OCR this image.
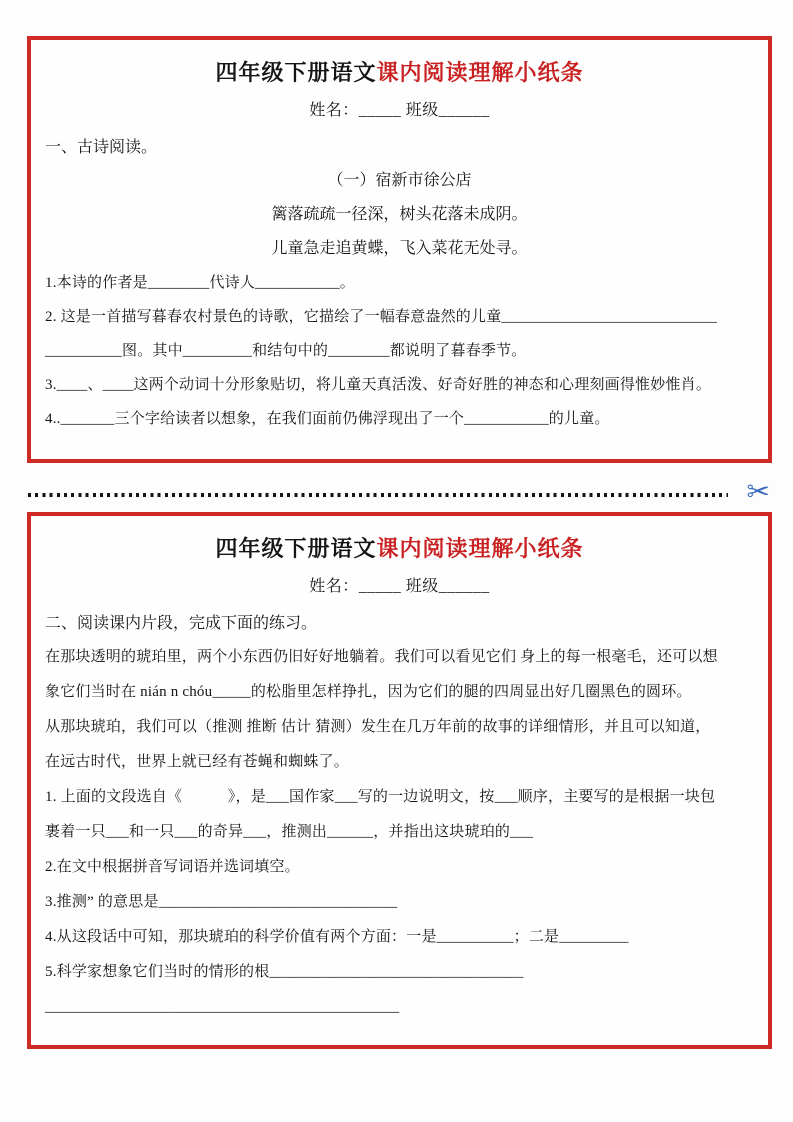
四年级下册语文课内阅读理解小纸条
姓名：_____ 班级______
一、古诗阅读。
（一）宿新市徐公店
篱落疏疏一径深，树头花落未成阴。
儿童急走追黄蝶，飞入菜花无处寻。
1.本诗的作者是________代诗人___________。
2. 这是一首描写暮春农村景色的诗歌，它描绘了一幅春意盎然的儿童____________________________
__________图。其中_________和结句中的________都说明了暮春季节。
3.____、____这两个动词十分形象贴切，将儿童天真活泼、好奇好胜的神态和心理刻画得惟妙惟肖。
4.._______三个字给读者以想象，在我们面前仍佛浮现出了一个___________的儿童。
✂
四年级下册语文课内阅读理解小纸条
姓名：_____ 班级______
二、阅读课内片段，完成下面的练习。
在那块透明的琥珀里，两个小东西仍旧好好地躺着。我们可以看见它们 身上的每一根毫毛，还可以想
象它们当时在 nián n chóu_____的松脂里怎样挣扎，因为它们的腿的四周显出好几圈黑色的圆环。
从那块琥珀，我们可以（推测 推断 估计 猜测）发生在几万年前的故事的详细情形，并且可以知道，
在远古时代，世界上就已经有苍蝇和蜘蛛了。
1. 上面的文段选自《　　　》，是___国作家___写的一边说明文，按___顺序，主要写的是根据一块包
裹着一只___和一只___的奇异___，推测出______，并指出这块琥珀的___
2.在文中根据拼音写词语并选词填空。
3.推测” 的意思是_______________________________
4.从这段话中可知，那块琥珀的科学价值有两个方面：一是__________；二是_________
5.科学家想象它们当时的情形的根_________________________________
______________________________________________
